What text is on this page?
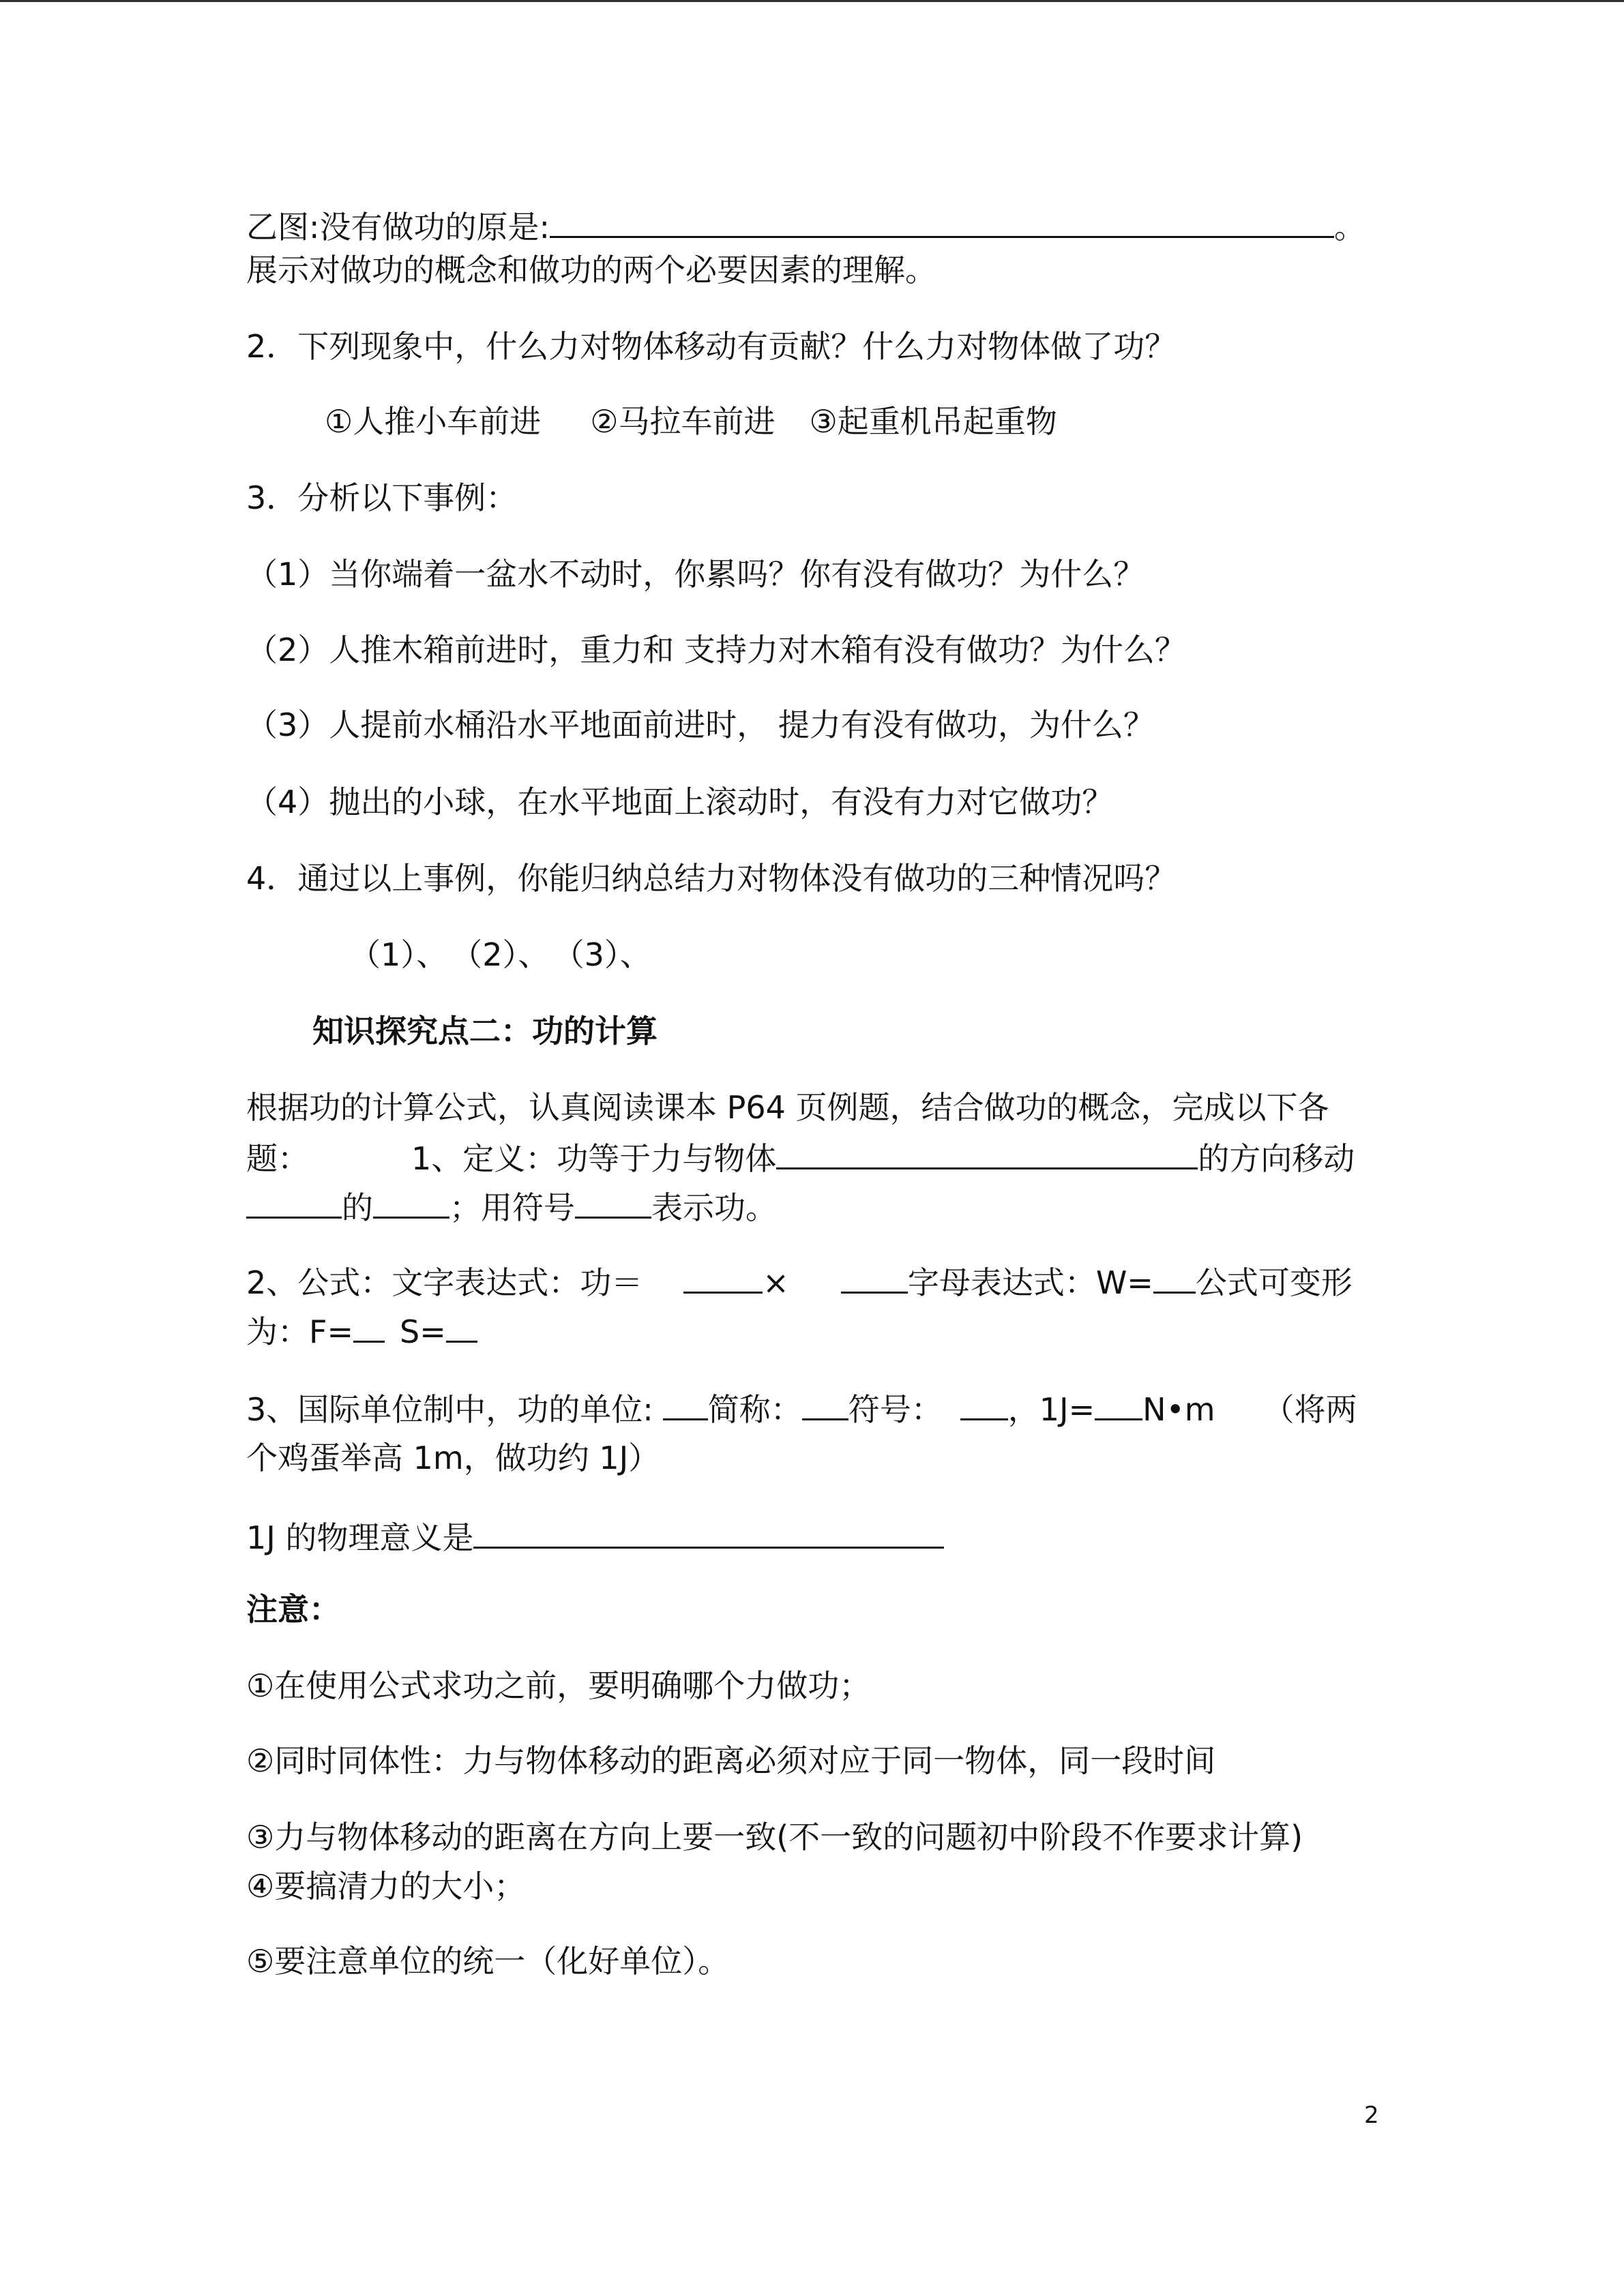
乙图:没有做功的原是:	。
展示对做功的概念和做功的两个必要因素的理解。
2．下列现象中，什么力对物体移动有贡献？什么力对物体做了功？
①人推小车前进 ②马拉车前进 ③起重机吊起重物
3．分析以下事例：
（1）当你端着一盆水不动时，你累吗？你有没有做功？为什么？
（2）人推木箱前进时，重力和 支持力对木箱有没有做功？为什么？
（3）人提前水桶沿水平地面前进时， 提力有没有做功，为什么？
（4）抛出的小球，在水平地面上滚动时，有没有力对它做功？
4．通过以上事例，你能归纳总结力对物体没有做功的三种情况吗？
（1）、 （2）、 （3）、
知识探究点二：功的计算
根据功的计算公式，认真阅读课本 P64 页例题，结合做功的概念，完成以下各
题：	1、定义：功等于力与物体	的方向移动
的 ；用符号 表示功。
2、公式：文字表达式：功＝	×	字母表达式：W= 公式可变形
为：F= S=
3、国际单位制中，功的单位: 简称： 符号： ，1J= N•m （将两
个鸡蛋举高 1m，做功约 1J）
1J 的物理意义是
注意：
①在使用公式求功之前，要明确哪个力做功；
②同时同体性：力与物体移动的距离必须对应于同一物体，同一段时间
③力与物体移动的距离在方向上要一致(不一致的问题初中阶段不作要求计算)
④要搞清力的大小；
⑤要注意单位的统一（化好单位）。
2
